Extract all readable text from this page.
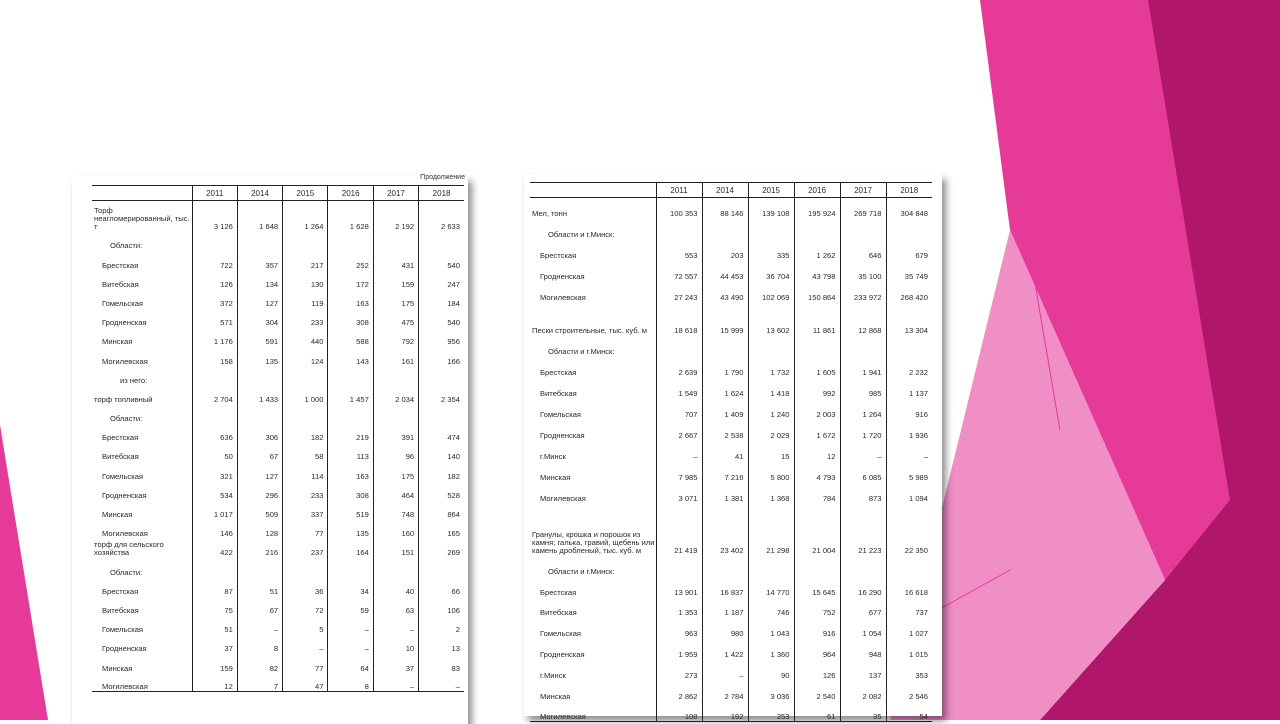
Продолжение
	2011	2014	2015	2016	2017	2018
Торф неагломерированный, тыс. т	3 126	1 648	1 264	1 628	2 192	2 633
Области:						
Брестская	722	357	217	252	431	540
Витебская	126	134	130	172	159	247
Гомельская	372	127	119	163	175	184
Гродненская	571	304	233	308	475	540
Минская	1 176	591	440	588	792	956
Могилевская	158	135	124	143	161	166
из него:						
торф топливный	2 704	1 433	1 000	1 457	2 034	2 354
Области:						
Брестская	636	306	182	219	391	474
Витебская	50	67	58	113	96	140
Гомельская	321	127	114	163	175	182
Гродненская	534	296	233	308	464	528
Минская	1 017	509	337	519	748	864
Могилевская	146	128	77	135	160	165
торф для сельского хозяйства	422	216	237	164	151	269
Области:						
Брестская	87	51	36	34	40	66
Витебская	75	67	72	59	63	106
Гомельская	51	–	5	–	–	2
Гродненская	37	8	–	–	10	13
Минская	159	82	77	64	37	83
Могилевская	12	7	47	8	–	–
	2011	2014	2015	2016	2017	2018
Мел, тонн	100 353	88 146	139 108	195 924	269 718	304 848
Области и г.Минск:						
Брестская	553	203	335	1 262	646	679
Гродненская	72 557	44 453	36 704	43 798	35 100	35 749
Могилевская	27 243	43 490	102 069	150 864	233 972	268 420
Пески строительные, тыс. куб. м	18 618	15 999	13 602	11 861	12 868	13 304
Области и г.Минск:						
Брестская	2 639	1 790	1 732	1 605	1 941	2 232
Витебская	1 549	1 624	1 418	992	985	1 137
Гомельская	707	1 409	1 240	2 003	1 264	916
Гродненская	2 667	2 538	2 029	1 672	1 720	1 936
г.Минск	–	41	15	12	–	–
Минская	7 985	7 216	5 800	4 793	6 085	5 989
Могилевская	3 071	1 381	1 368	784	873	1 094
Гранулы, крошка и порошок из камня; галька, гравий, щебень или камень дробленый, тыс. куб. м	21 419	23 402	21 298	21 004	21 223	22 350
Области и г.Минск:						
Брестская	13 901	16 837	14 770	15 645	16 290	16 618
Витебская	1 353	1 187	746	752	677	737
Гомельская	963	980	1 043	916	1 054	1 027
Гродненская	1 959	1 422	1 360	964	948	1 015
г.Минск	273	–	90	126	137	353
Минская	2 862	2 784	3 036	2 540	2 082	2 546
Могилевская	108	192	253	61	35	54
